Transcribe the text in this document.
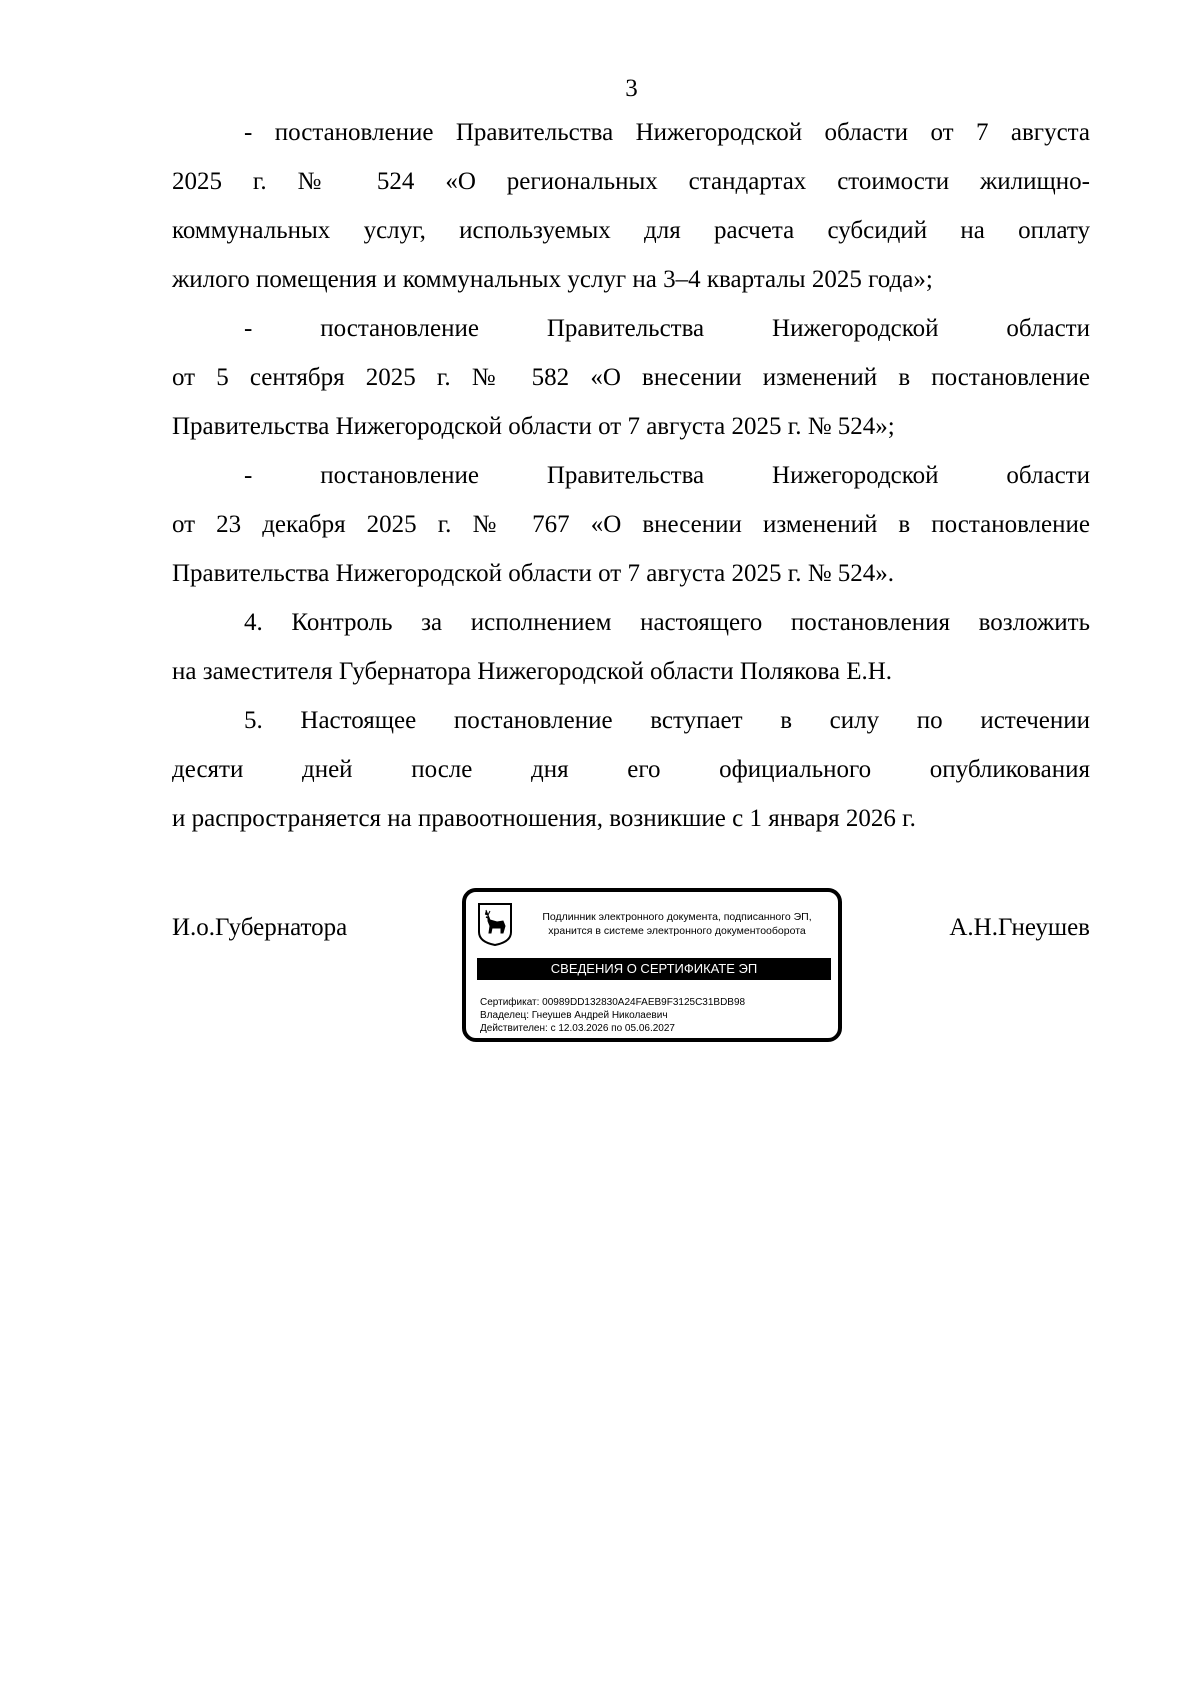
3
- постановление Правительства Нижегородской области от 7 августа
2025 г. № 524 «О региональных стандартах стоимости жилищно-
коммунальных услуг, используемых для расчета субсидий на оплату
жилого помещения и коммунальных услуг на 3–4 кварталы 2025 года»;
- постановление Правительства Нижегородской области
от 5 сентября 2025 г. № 582 «О внесении изменений в постановление
Правительства Нижегородской области от 7 августа 2025 г. № 524»;
- постановление Правительства Нижегородской области
от 23 декабря 2025 г. № 767 «О внесении изменений в постановление
Правительства Нижегородской области от 7 августа 2025 г. № 524».
4. Контроль за исполнением настоящего постановления возложить
на заместителя Губернатора Нижегородской области Полякова Е.Н.
5. Настоящее постановление вступает в силу по истечении
десяти дней после дня его официального опубликования
и распространяется на правоотношения, возникшие с 1 января 2026 г.
И.о.Губернатора	Подлинник электронного документа, подписанного ЭП,
хранится в системе электронного документооборота
СВЕДЕНИЯ О СЕРТИФИКАТЕ ЭП
Сертификат: 00989DD132830A24FAEB9F3125C31BDB98
Владелец: Гнеушев Андрей Николаевич
Действителен: с 12.03.2026 по 05.06.2027
А.Н.Гнеушев
